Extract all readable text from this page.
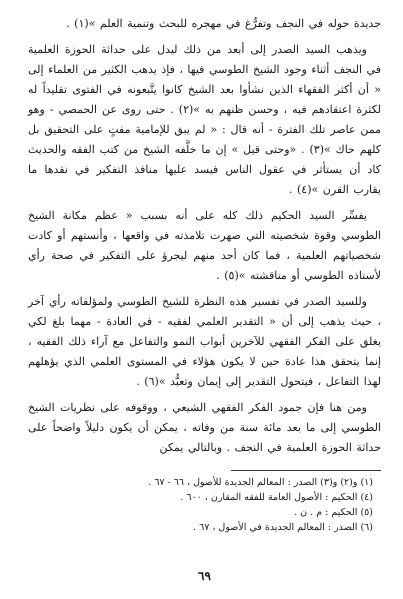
جديدة حوله في النجف وتفرُّغ في مهجره للبحث وتنمية العلم »(١) .

ويذهب السيد الصدر إلى أبعد من ذلك ليدل على حداثة الحوزة العلمية في النجف أثناء وجود الشيخ الطوسي فيها ، فإذ يذهب الكثير من العلماء إلى « أن أكثر الفقهاء الذين نشأوا بعد الشيخ كانوا يتَّبعونه في الفتوى تقليداً له لكثرة اعتقادهم فيه ، وحسن ظنهم به »(٢) . حتى روى عن الحمصي - وهو ممن عاصر تلك الفترة - أنه قال : « لم يبق للإمامية مفتٍ على التحقيق بل كلهم حاك »(٣) . «وحتى قيل » إن ما خلَّفه الشيخ من كتب الفقه والحديث كاد أن يستأثر في عقول الناس فيسد عليها منافذ التفكير في نقدها ما يقارب القرن »(٤) .

يفسِّر السيد الحكيم ذلك كله على أنه بسبب « عظم مكانة الشيخ الطوسي وقوة شخصيته التي صهرت تلامذته في واقعها ، وأنستهم أو كادت شخصياتهم العلمية ، فما كان أحد منهم ليجرؤ على التفكير في صحة رأي لأستاذه الطوسي أو مناقشته »(٥) .

وللسيد الصدر في تفسير هذه النظرة للشيخ الطوسي ولمؤلفاته رأي آخر ، حيث يذهب إلى أن « التقدير العلمي لفقيه - في العادة - مهما بلغ لكي يغلق على الفكر الفقهي للآخرين أبواب النمو والتفاعل مع آراء ذلك الفقيه ، إنما يتحقق هذا عادة حين لا يكون هؤلاء في المستوى العلمي الذي يؤهلهم لهذا التفاعل ، فيتحول التقدير إلى إيمان وتعبُّد »(٦) .

ومن هنا فإن جمود الفكر الفقهي الشيعي ، ووقوفه على نظريات الشيخ الطوسي إلى ما بعد مائة سنة من وفاته ، يمكن أن يكون دليلاً واضحاً على حداثة الحوزة العلمية في النجف . وبالتالي يمكن

(١) و(٢) و(٣) الصدر : المعالم الجديدة للأصول ، ٦٦ - ٦٧ .
(٤) الحكيم : الأصول العامة للفقه المقارن ، ٦٠٠ .
(٥) الحكيم : م . ن .
(٦) الصدر : المعالم الجديدة في الأصول ، ٦٧ .
٦٩
